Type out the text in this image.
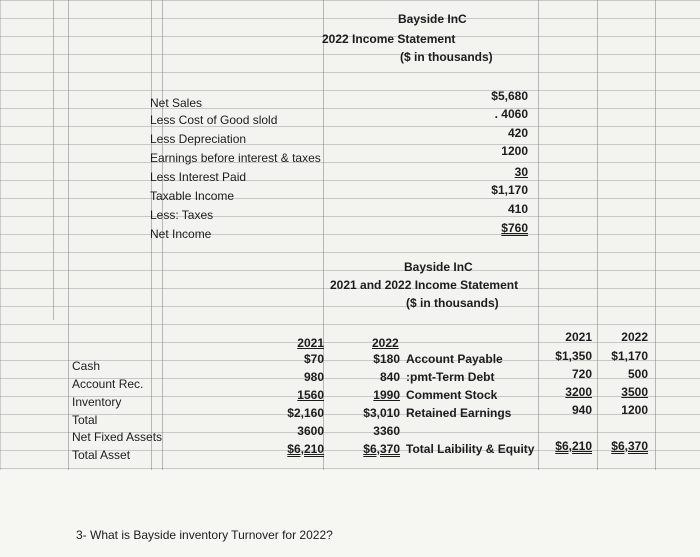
Bayside InC
2022 Income Statement
($ in thousands)
Net Sales	$5,680
Less Cost of Good slold	. 4060
Less Depreciation	420
Earnings before interest & taxes	1200
Less Interest Paid	30
Taxable Income	$1,170
Less: Taxes	410
Net Income	$760
Bayside InC
2021 and 2022 Income Statement
($ in thousands)
2021	2022
Cash	$70	$180
Account Rec.	980	840
Inventory	1560	1990
Total	$2,160	$3,010
Net Fixed Assets	3600	3360
Total Asset	$6,210	$6,370
2021	2022
Account Payable	$1,350	$1,170
:pmt-Term Debt	720	500
Comment Stock	3200	3500
Retained Earnings	940	1200
Total Laibility & Equity	$6,210	$6,370
3- What is Bayside inventory Turnover for 2022?
